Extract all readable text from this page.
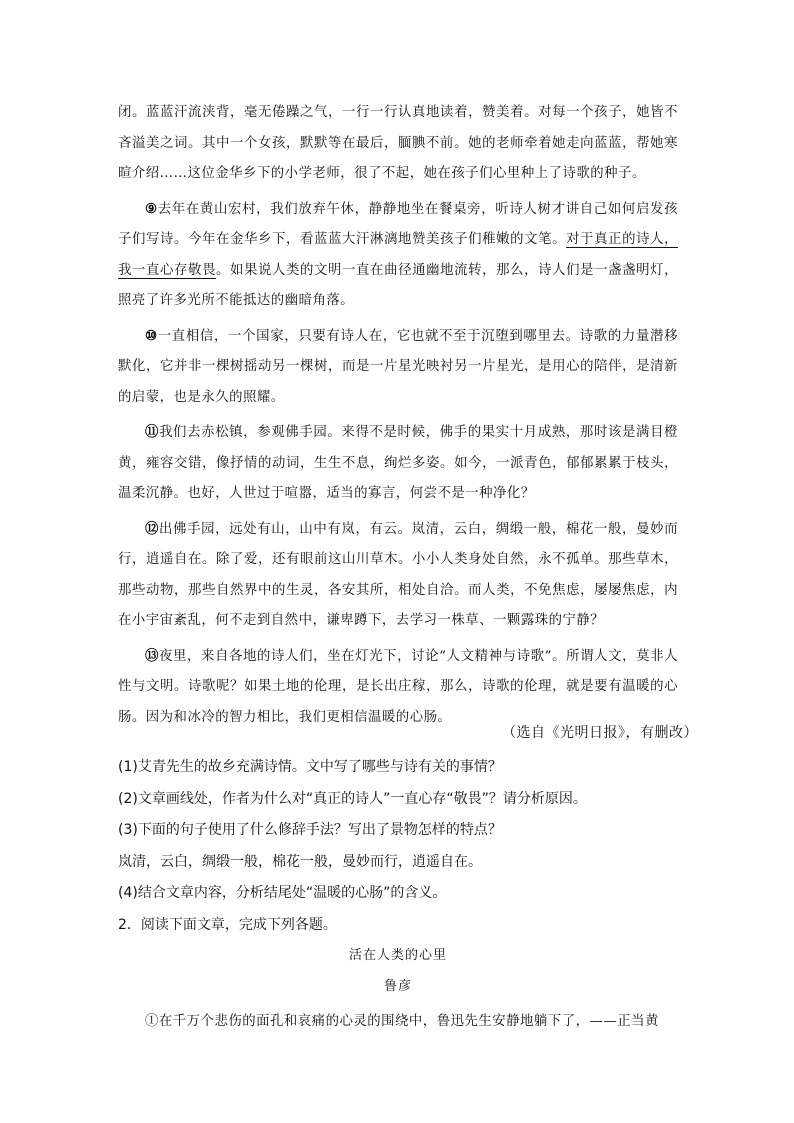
闭。蓝蓝汗流浃背，毫无倦躁之气，一行一行认真地读着，赞美着。对每一个孩子，她皆不吝溢美之词。其中一个女孩，默默等在最后，腼腆不前。她的老师牵着她走向蓝蓝，帮她寒暄介绍……这位金华乡下的小学老师，很了不起，她在孩子们心里种上了诗歌的种子。

⑨去年在黄山宏村，我们放弃午休，静静地坐在餐桌旁，听诗人树才讲自己如何启发孩子们写诗。今年在金华乡下，看蓝蓝大汗淋漓地赞美孩子们稚嫩的文笔。对于真正的诗人，我一直心存敬畏。如果说人类的文明一直在曲径通幽地流转，那么，诗人们是一盏盏明灯，照亮了许多光所不能抵达的幽暗角落。

⑩一直相信，一个国家，只要有诗人在，它也就不至于沉堕到哪里去。诗歌的力量潜移默化，它并非一棵树摇动另一棵树，而是一片星光映衬另一片星光，是用心的陪伴，是清新的启蒙，也是永久的照耀。

⑪我们去赤松镇，参观佛手园。来得不是时候，佛手的果实十月成熟，那时该是满目橙黄，雍容交错，像抒情的动词，生生不息，绚烂多姿。如今，一派青色，郁郁累累于枝头，温柔沉静。也好，人世过于喧嚣，适当的寡言，何尝不是一种净化？

⑫出佛手园，远处有山，山中有岚，有云。岚清，云白，绸缎一般，棉花一般，曼妙而行，逍遥自在。除了爱，还有眼前这山川草木。小小人类身处自然，永不孤单。那些草木，那些动物，那些自然界中的生灵，各安其所，相处自洽。而人类，不免焦虑，屡屡焦虑，内在小宇宙紊乱，何不走到自然中，谦卑蹲下，去学习一株草、一颗露珠的宁静？

⑬夜里，来自各地的诗人们，坐在灯光下，讨论“人文精神与诗歌”。所谓人文，莫非人性与文明。诗歌呢？如果土地的伦理，是长出庄稼，那么，诗歌的伦理，就是要有温暖的心肠。因为和冰冷的智力相比，我们更相信温暖的心肠。

（选自《光明日报》，有删改）
(1)艾青先生的故乡充满诗情。文中写了哪些与诗有关的事情？
(2)文章画线处，作者为什么对“真正的诗人”一直心存“敬畏”？请分析原因。
(3)下面的句子使用了什么修辞手法？写出了景物怎样的特点？
岚清，云白，绸缎一般，棉花一般，曼妙而行，逍遥自在。
(4)结合文章内容，分析结尾处“温暖的心肠”的含义。
2．阅读下面文章，完成下列各题。
活在人类的心里
鲁彦
①在千万个悲伤的面孔和哀痛的心灵的围绕中，鲁迅先生安静地躺下了，——正当黄
